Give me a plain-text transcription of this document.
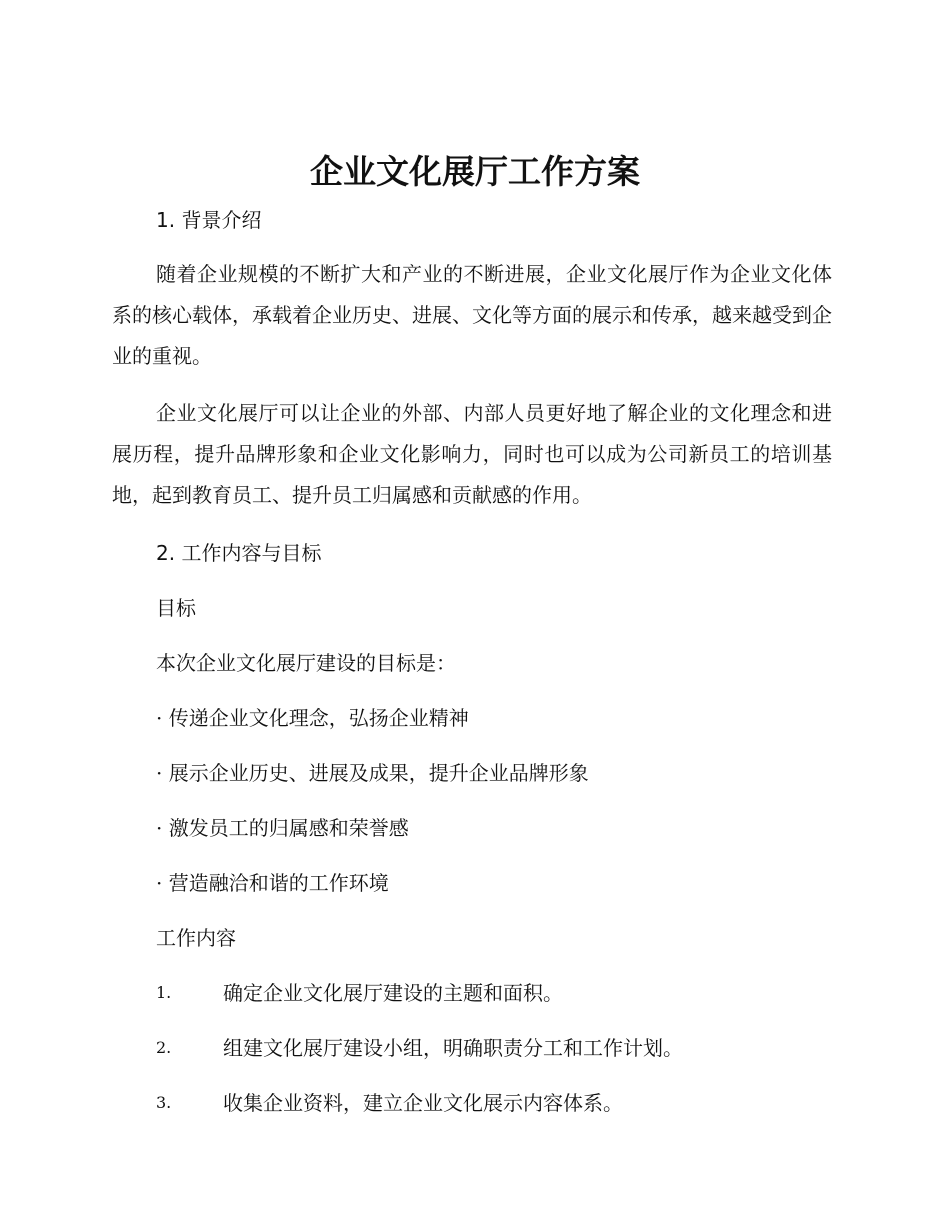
企业文化展厅工作方案
1. 背景介绍
随着企业规模的不断扩大和产业的不断进展，企业文化展厅作为企业文化体系的核心载体，承载着企业历史、进展、文化等方面的展示和传承，越来越受到企业的重视。
企业文化展厅可以让企业的外部、内部人员更好地了解企业的文化理念和进展历程，提升品牌形象和企业文化影响力，同时也可以成为公司新员工的培训基地，起到教育员工、提升员工归属感和贡献感的作用。
2. 工作内容与目标
目标
本次企业文化展厅建设的目标是：
· 传递企业文化理念，弘扬企业精神
· 展示企业历史、进展及成果，提升企业品牌形象
· 激发员工的归属感和荣誉感
· 营造融洽和谐的工作环境
工作内容
1.	确定企业文化展厅建设的主题和面积。
2.	组建文化展厅建设小组，明确职责分工和工作计划。
3.	收集企业资料，建立企业文化展示内容体系。
